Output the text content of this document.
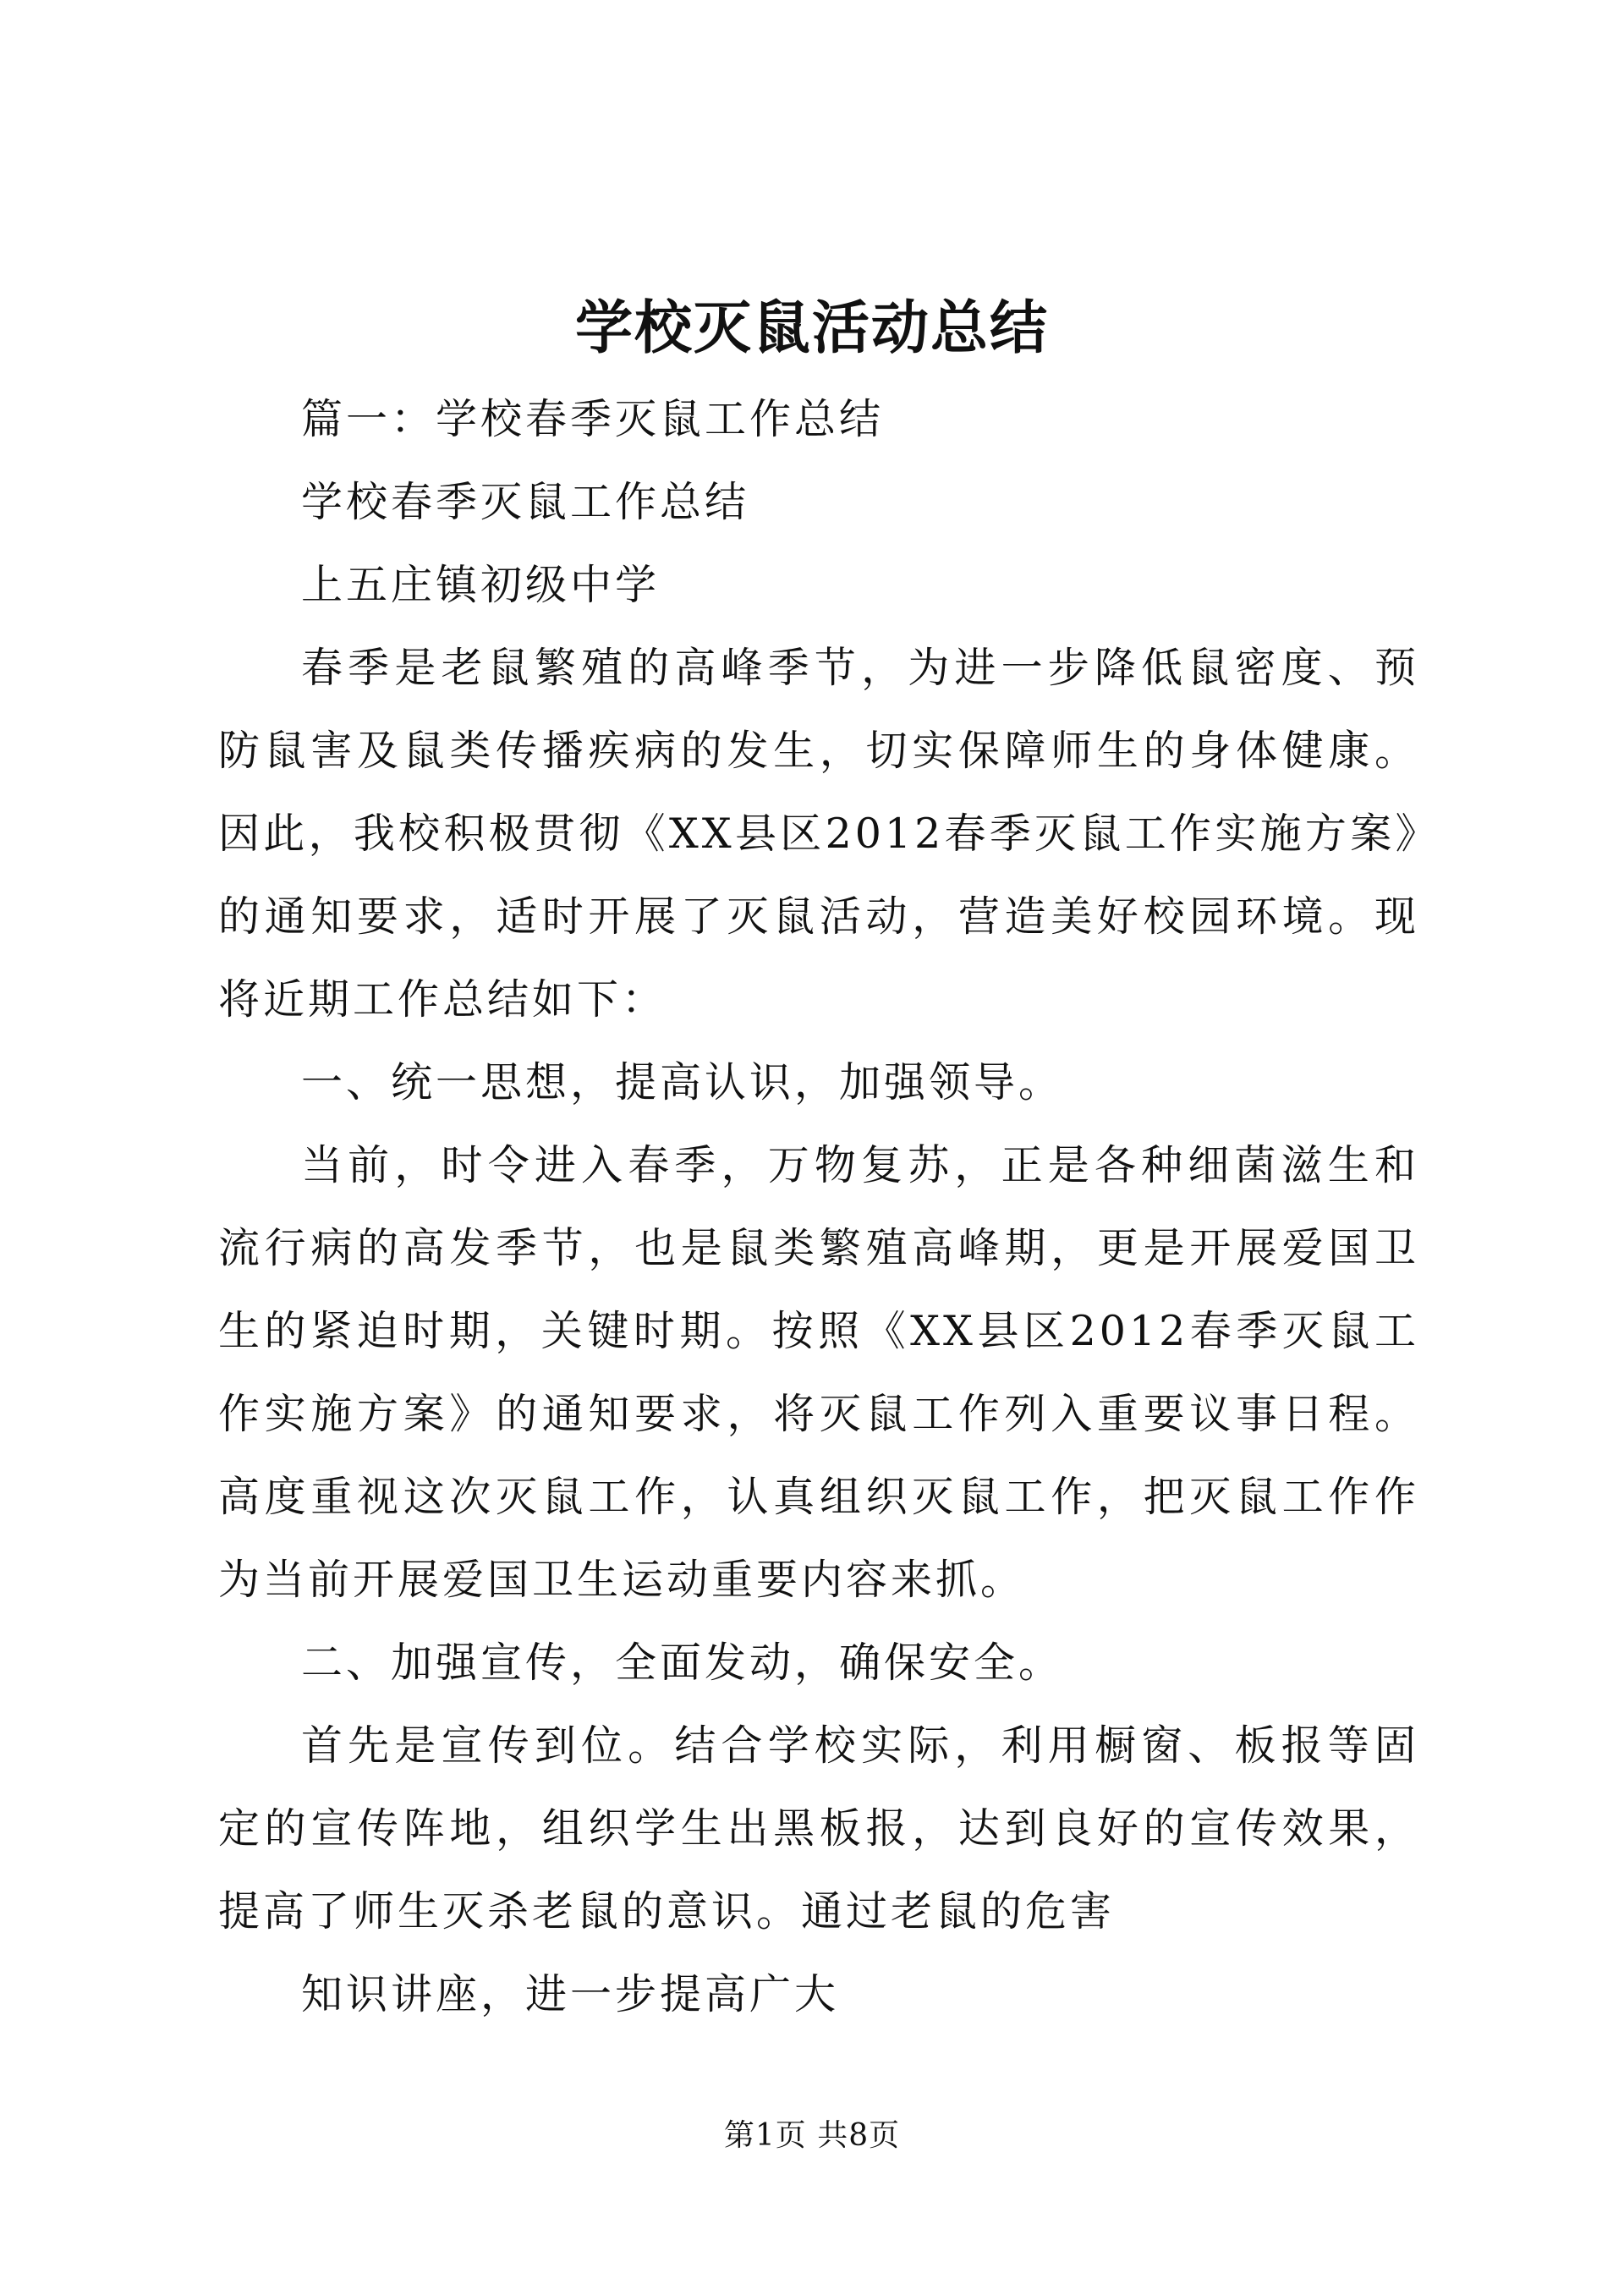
学校灭鼠活动总结

篇一：学校春季灭鼠工作总结

学校春季灭鼠工作总结

上五庄镇初级中学

春季是老鼠繁殖的高峰季节，为进一步降低鼠密度、预防鼠害及鼠类传播疾病的发生，切实保障师生的身体健康。因此，我校积极贯彻《XX县区2012春季灭鼠工作实施方案》的通知要求，适时开展了灭鼠活动，营造美好校园环境。现将近期工作总结如下：

一、统一思想，提高认识，加强领导。

当前，时令进入春季，万物复苏，正是各种细菌滋生和流行病的高发季节，也是鼠类繁殖高峰期，更是开展爱国卫生的紧迫时期，关键时期。按照《XX县区2012春季灭鼠工作实施方案》的通知要求，将灭鼠工作列入重要议事日程。高度重视这次灭鼠工作，认真组织灭鼠工作，把灭鼠工作作为当前开展爱国卫生运动重要内容来抓。

二、加强宣传，全面发动，确保安全。

首先是宣传到位。结合学校实际，利用橱窗、板报等固定的宣传阵地，组织学生出黑板报，达到良好的宣传效果，提高了师生灭杀老鼠的意识。通过老鼠的危害

知识讲座，进一步提高广大

第1页 共8页
